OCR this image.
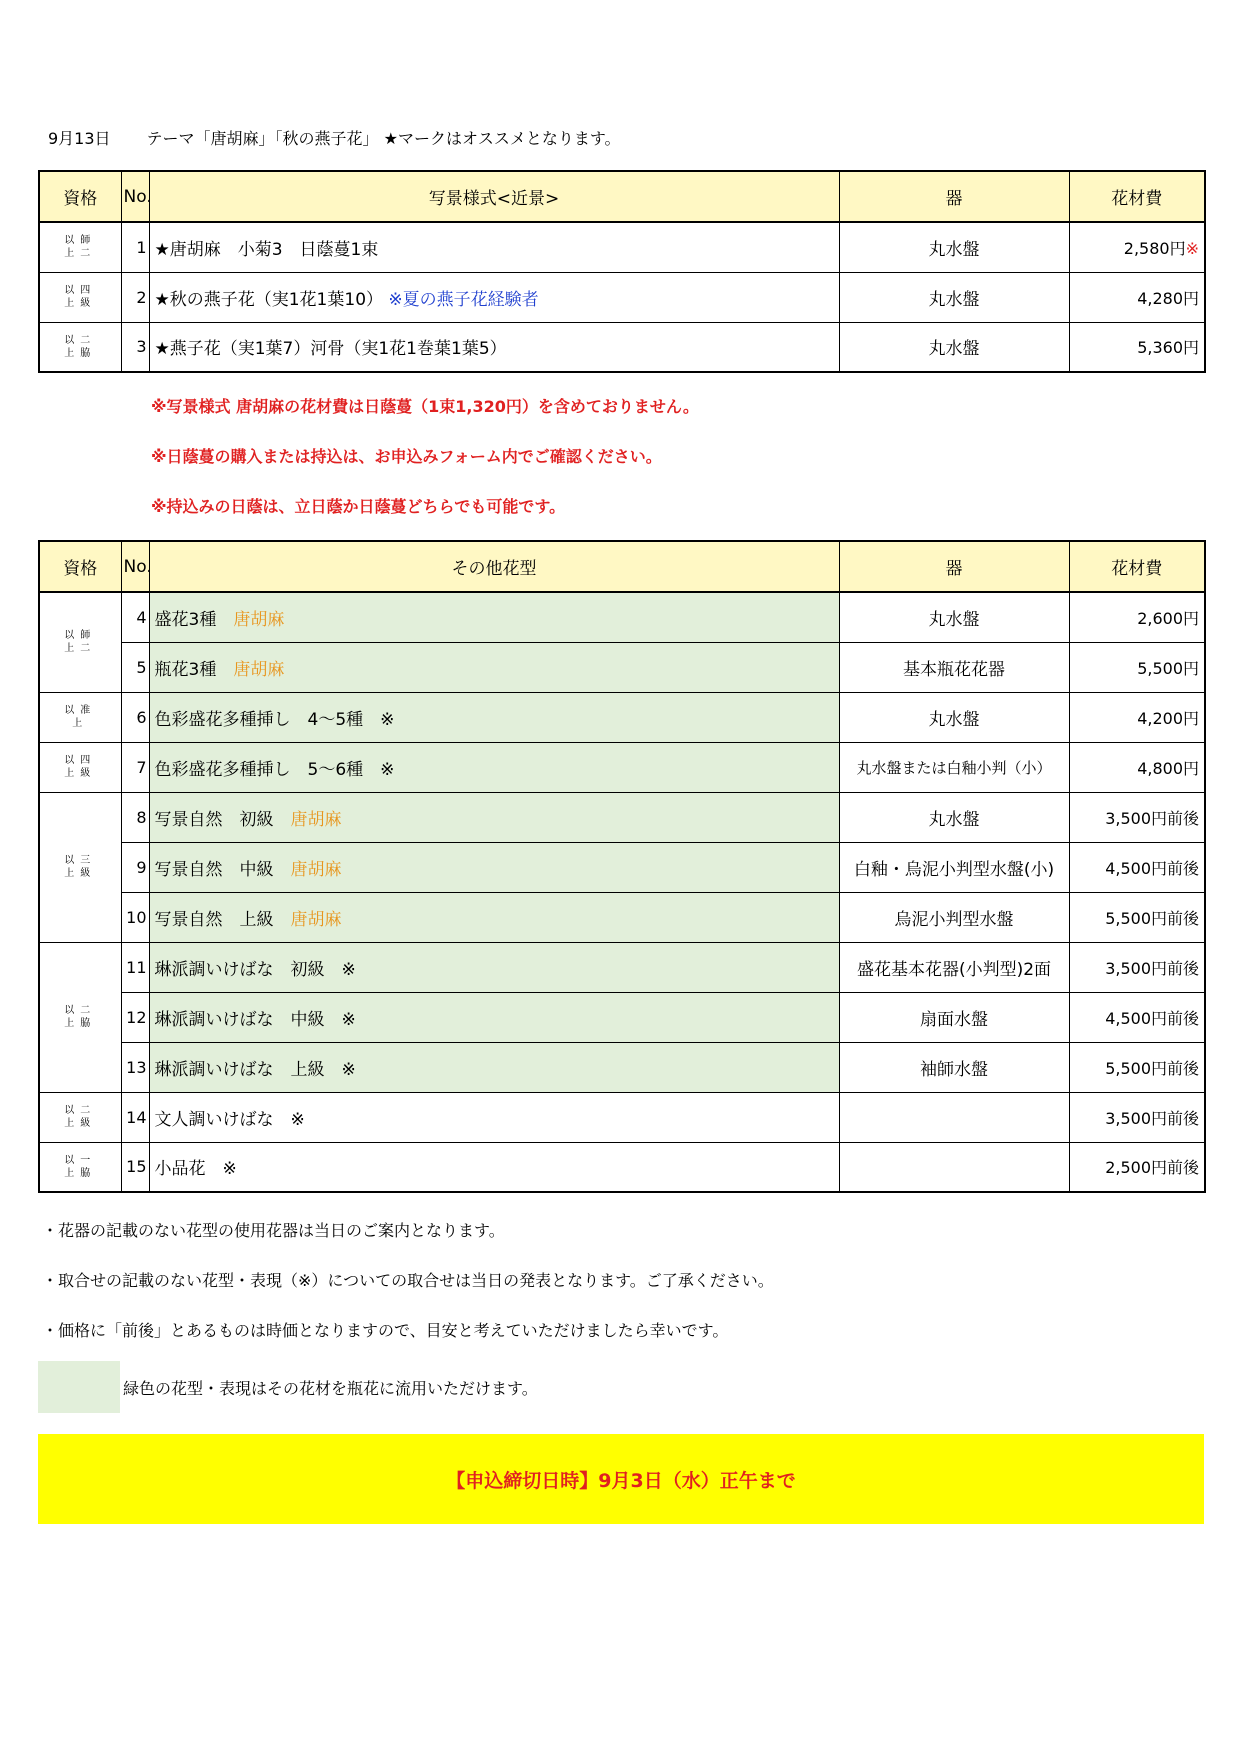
9月13日 テーマ「唐胡麻」「秋の燕子花」 ★マークはオススメとなります。
資格	No.	写景様式<近景>	器	花材費

以師
上二	1	★唐胡麻　小菊3　日蔭蔓1束	丸水盤	2,580円※

以四
上級	2	★秋の燕子花（実1花1葉10） ※夏の燕子花経験者	丸水盤	4,280円

以二
上脇	3	★燕子花（実1葉7）河骨（実1花1巻葉1葉5）	丸水盤	5,360円
※写景様式 唐胡麻の花材費は日蔭蔓（1束1,320円）を含めておりません。
※日蔭蔓の購入または持込は、お申込みフォーム内でご確認ください。
※持込みの日蔭は、立日蔭か日蔭蔓どちらでも可能です。
資格	No.	その他花型	器	花材費

以師
上二	4	盛花3種　 唐胡麻	丸水盤	2,600円
	5	瓶花3種　 唐胡麻	基本瓶花花器	5,500円

以准
上	6	色彩盛花多種挿し　4～5種　※	丸水盤	4,200円

以四
上級	7	色彩盛花多種挿し　5～6種　※	丸水盤または白釉小判（小）	4,800円

以三
上級	8	写景自然　初級　 唐胡麻	丸水盤	3,500円前後
	9	写景自然　中級　 唐胡麻	白釉・烏泥小判型水盤(小)	4,500円前後
	10	写景自然　上級　 唐胡麻	烏泥小判型水盤	5,500円前後

以二
上脇	11	琳派調いけばな　初級　※	盛花基本花器(小判型)2面	3,500円前後
	12	琳派調いけばな　中級　※	扇面水盤	4,500円前後
	13	琳派調いけばな　上級　※	袖師水盤	5,500円前後

以二
上級	14	文人調いけばな　※		3,500円前後

以一
上脇	15	小品花　※		2,500円前後
・花器の記載のない花型の使用花器は当日のご案内となります。
・取合せの記載のない花型・表現（※）についての取合せは当日の発表となります。ご了承ください。
・価格に「前後」とあるものは時価となりますので、目安と考えていただけましたら幸いです。
緑色の花型・表現はその花材を瓶花に流用いただけます。
【申込締切日時】9月3日（水）正午まで
